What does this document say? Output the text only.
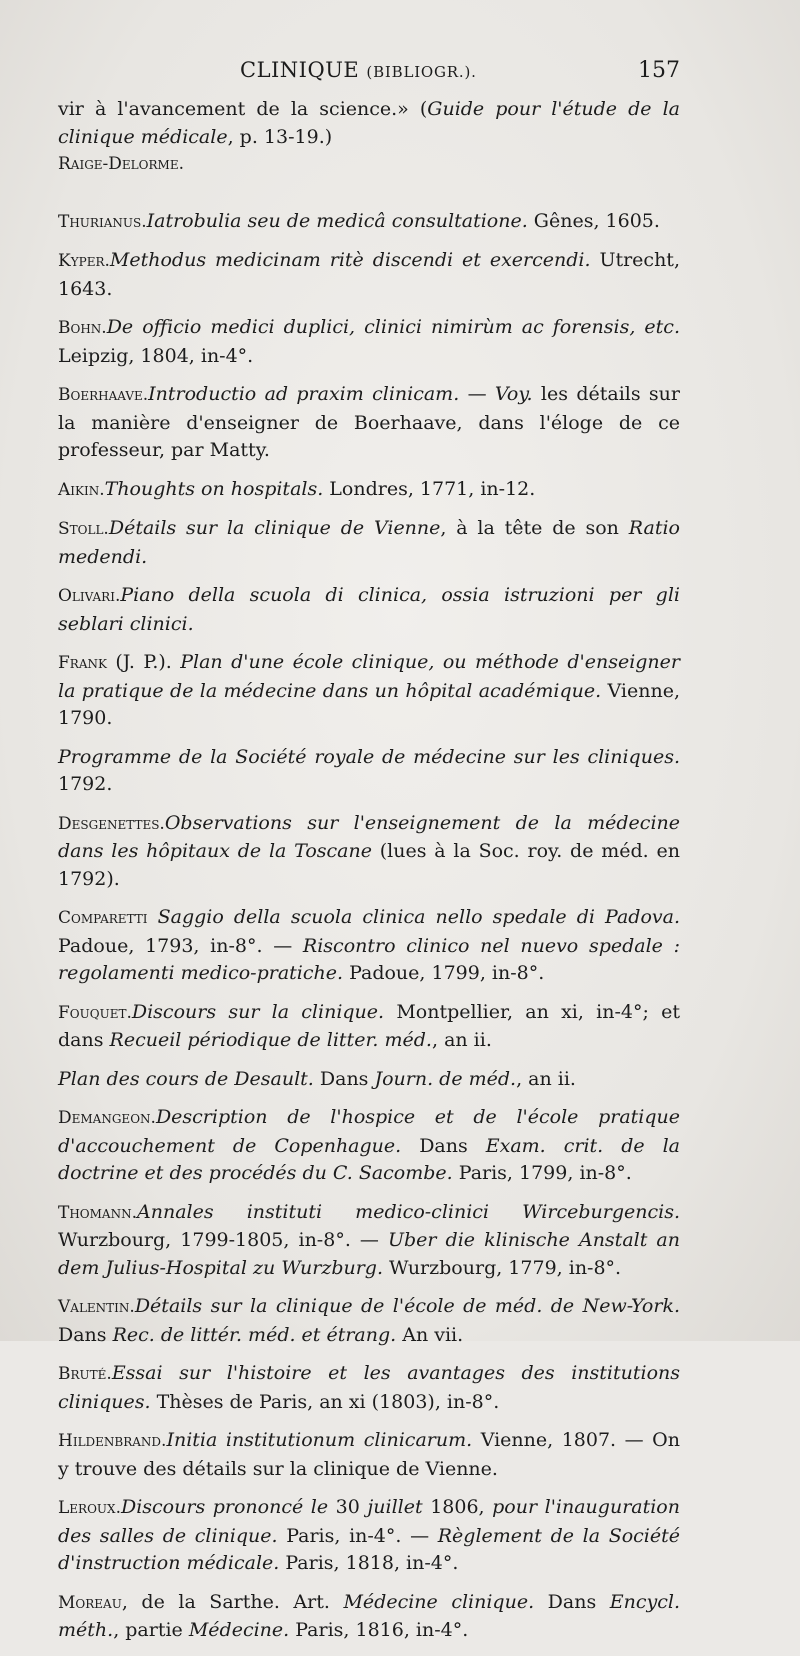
CLINIQUE (BIBLIOGR.).	157

vir à l'avancement de la science.» (Guide pour l'étude de la clinique médicale, p. 13-19.)
Raige-Delorme.

Thurianus.Iatrobulia seu de medicâ consultatione. Gênes, 1605.

Kyper.Methodus medicinam ritè discendi et exercendi. Utrecht, 1643.

Bohn.De officio medici duplici, clinici nimirùm ac forensis, etc. Leipzig, 1804, in-4°.

Boerhaave.Introductio ad praxim clinicam. — Voy. les détails sur la manière d'enseigner de Boerhaave, dans l'éloge de ce professeur, par Matty.

Aikin.Thoughts on hospitals. Londres, 1771, in-12.

Stoll.Détails sur la clinique de Vienne, à la tête de son Ratio medendi.

Olivari.Piano della scuola di clinica, ossia istruzioni per gli seblari clinici.

Frank (J. P.). Plan d'une école clinique, ou méthode d'enseigner la pratique de la médecine dans un hôpital académique. Vienne, 1790.

Programme de la Société royale de médecine sur les cliniques. 1792.

Desgenettes.Observations sur l'enseignement de la médecine dans les hôpitaux de la Toscane (lues à la Soc. roy. de méd. en 1792).

Comparetti Saggio della scuola clinica nello spedale di Padova. Padoue, 1793, in-8°. — Riscontro clinico nel nuevo spedale : regolamenti medico-pratiche. Padoue, 1799, in-8°.

Fouquet.Discours sur la clinique. Montpellier, an xi, in-4°; et dans Recueil périodique de litter. méd., an ii.

Plan des cours de Desault. Dans Journ. de méd., an ii.

Demangeon.Description de l'hospice et de l'école pratique d'accouchement de Copenhague. Dans Exam. crit. de la doctrine et des procédés du C. Sacombe. Paris, 1799, in-8°.

Thomann.Annales instituti medico-clinici Wirceburgencis. Wurzbourg, 1799-1805, in-8°. — Uber die klinische Anstalt an dem Julius-Hospital zu Wurzburg. Wurzbourg, 1779, in-8°.

Valentin.Détails sur la clinique de l'école de méd. de New-York. Dans Rec. de littér. méd. et étrang. An vii.

Bruté.Essai sur l'histoire et les avantages des institutions cliniques. Thèses de Paris, an xi (1803), in-8°.

Hildenbrand.Initia institutionum clinicarum. Vienne, 1807. — On y trouve des détails sur la clinique de Vienne.

Leroux.Discours prononcé le 30 juillet 1806, pour l'inauguration des salles de clinique. Paris, in-4°. — Règlement de la Société d'instruction médicale. Paris, 1818, in-4°.

Moreau, de la Sarthe. Art. Médecine clinique. Dans Encycl. méth., partie Médecine. Paris, 1816, in-4°.
